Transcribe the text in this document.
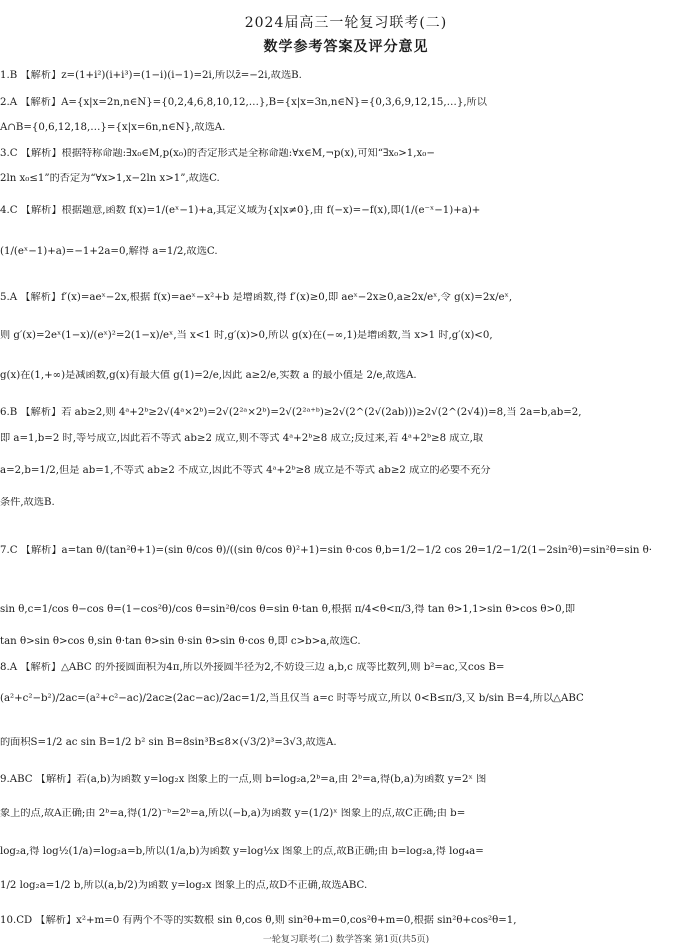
2024届高三一轮复习联考(二)
数学参考答案及评分意见
1.B 【解析】z=(1+i²)(i+i³)=(1−i)(i−1)=2i,所以z̄=−2i,故选B.
2.A 【解析】A={x|x=2n,n∈N}={0,2,4,6,8,10,12,…},B={x|x=3n,n∈N}={0,3,6,9,12,15,…},所以
A∩B={0,6,12,18,…}={x|x=6n,n∈N},故选A.
3.C 【解析】根据特称命题:∃x₀∈M,p(x₀)的否定形式是全称命题:∀x∈M,¬p(x),可知“∃x₀>1,x₀−
2ln x₀≤1”的否定为“∀x>1,x−2ln x>1”,故选C.
4.C 【解析】根据题意,函数 f(x)=1/(eˣ−1)+a,其定义域为{x|x≠0},由 f(−x)=−f(x),即(1/(e⁻ˣ−1)+a)+
(1/(eˣ−1)+a)=−1+2a=0,解得 a=1/2,故选C.
5.A 【解析】f′(x)=aeˣ−2x,根据 f(x)=aeˣ−x²+b 是增函数,得 f′(x)≥0,即 aeˣ−2x≥0,a≥2x/eˣ,令 g(x)=2x/eˣ,
则 g′(x)=2eˣ(1−x)/(eˣ)²=2(1−x)/eˣ,当 x<1 时,g′(x)>0,所以 g(x)在(−∞,1)是增函数,当 x>1 时,g′(x)<0,
g(x)在(1,+∞)是减函数,g(x)有最大值 g(1)=2/e,因此 a≥2/e,实数 a 的最小值是 2/e,故选A.
6.B 【解析】若 ab≥2,则 4ᵃ+2ᵇ≥2√(4ᵃ×2ᵇ)=2√(2²ᵃ×2ᵇ)=2√(2²ᵃ⁺ᵇ)≥2√(2^(2√(2ab)))≥2√(2^(2√4))=8,当 2a=b,ab=2,
即 a=1,b=2 时,等号成立,因此若不等式 ab≥2 成立,则不等式 4ᵃ+2ᵇ≥8 成立;反过来,若 4ᵃ+2ᵇ≥8 成立,取
a=2,b=1/2,但是 ab=1,不等式 ab≥2 不成立,因此不等式 4ᵃ+2ᵇ≥8 成立是不等式 ab≥2 成立的必要不充分
条件,故选B.
7.C 【解析】a=tan θ/(tan²θ+1)=(sin θ/cos θ)/((sin θ/cos θ)²+1)=sin θ·cos θ,b=1/2−1/2 cos 2θ=1/2−1/2(1−2sin²θ)=sin²θ=sin θ·
sin θ,c=1/cos θ−cos θ=(1−cos²θ)/cos θ=sin²θ/cos θ=sin θ·tan θ,根据 π/4<θ<π/3,得 tan θ>1,1>sin θ>cos θ>0,即
tan θ>sin θ>cos θ,sin θ·tan θ>sin θ·sin θ>sin θ·cos θ,即 c>b>a,故选C.
8.A 【解析】△ABC 的外接圆面积为4π,所以外接圆半径为2,不妨设三边 a,b,c 成等比数列,则 b²=ac,又cos B=
(a²+c²−b²)/2ac=(a²+c²−ac)/2ac≥(2ac−ac)/2ac=1/2,当且仅当 a=c 时等号成立,所以 0<B≤π/3,又 b/sin B=4,所以△ABC
的面积S=1/2 ac sin B=1/2 b² sin B=8sin³B≤8×(√3/2)³=3√3,故选A.
9.ABC 【解析】若(a,b)为函数 y=log₂x 图象上的一点,则 b=log₂a,2ᵇ=a,由 2ᵇ=a,得(b,a)为函数 y=2ˣ 图
象上的点,故A正确;由 2ᵇ=a,得(1/2)⁻ᵇ=2ᵇ=a,所以(−b,a)为函数 y=(1/2)ˣ 图象上的点,故C正确;由 b=
log₂a,得 log½(1/a)=log₂a=b,所以(1/a,b)为函数 y=log½x 图象上的点,故B正确;由 b=log₂a,得 log₄a=
1/2 log₂a=1/2 b,所以(a,b/2)为函数 y=log₂x 图象上的点,故D不正确,故选ABC.
10.CD 【解析】x²+m=0 有两个不等的实数根 sin θ,cos θ,则 sin²θ+m=0,cos²θ+m=0,根据 sin²θ+cos²θ=1,
一轮复习联考(二) 数学答案 第1页(共5页)
